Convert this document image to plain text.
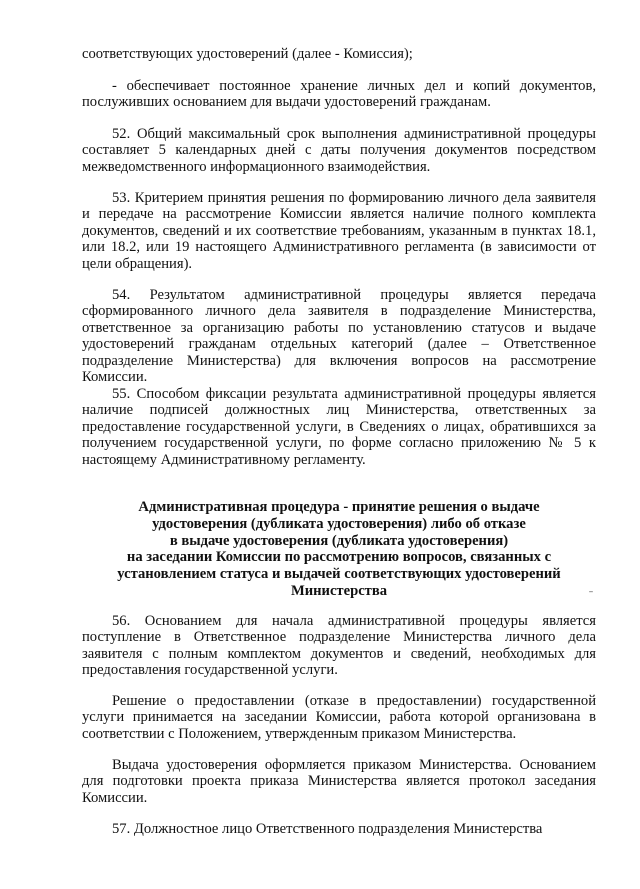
соответствующих удостоверений (далее - Комиссия);

- обеспечивает постоянное хранение личных дел и копий документов, послуживших основанием для выдачи удостоверений гражданам.

52. Общий максимальный срок выполнения административной процедуры составляет 5 календарных дней с даты получения документов посредством межведомственного информационного взаимодействия.

53. Критерием принятия решения по формированию личного дела заявителя и передаче на рассмотрение Комиссии является наличие полного комплекта документов, сведений и их соответствие требованиям, указанным в пунктах 18.1, или 18.2, или 19 настоящего Административного регламента (в зависимости от цели обращения).

54. Результатом административной процедуры является передача сформированного личного дела заявителя в подразделение Министерства, ответственное за организацию работы по установлению статусов и выдаче удостоверений гражданам отдельных категорий (далее – Ответственное подразделение Министерства) для включения вопросов на рассмотрение Комиссии.

55. Способом фиксации результата административной процедуры является наличие подписей должностных лиц Министерства, ответственных за предоставление государственной услуги, в Сведениях о лицах, обратившихся за получением государственной услуги, по форме согласно приложению № 5 к настоящему Административному регламенту.

Административная процедура - принятие решения о выдаче
удостоверения (дубликата удостоверения) либо об отказе
в выдаче удостоверения (дубликата удостоверения)
на заседании Комиссии по рассмотрению вопросов, связанных с
установлением статуса и выдачей соответствующих удостоверений
Министерства

56. Основанием для начала административной процедуры является поступление в Ответственное подразделение Министерства личного дела заявителя с полным комплектом документов и сведений, необходимых для предоставления государственной услуги.

Решение о предоставлении (отказе в предоставлении) государственной услуги принимается на заседании Комиссии, работа которой организована в соответствии с Положением, утвержденным приказом Министерства.

Выдача удостоверения оформляется приказом Министерства. Основанием для подготовки проекта приказа Министерства является протокол заседания Комиссии.

57. Должностное лицо Ответственного подразделения Министерства

˗
